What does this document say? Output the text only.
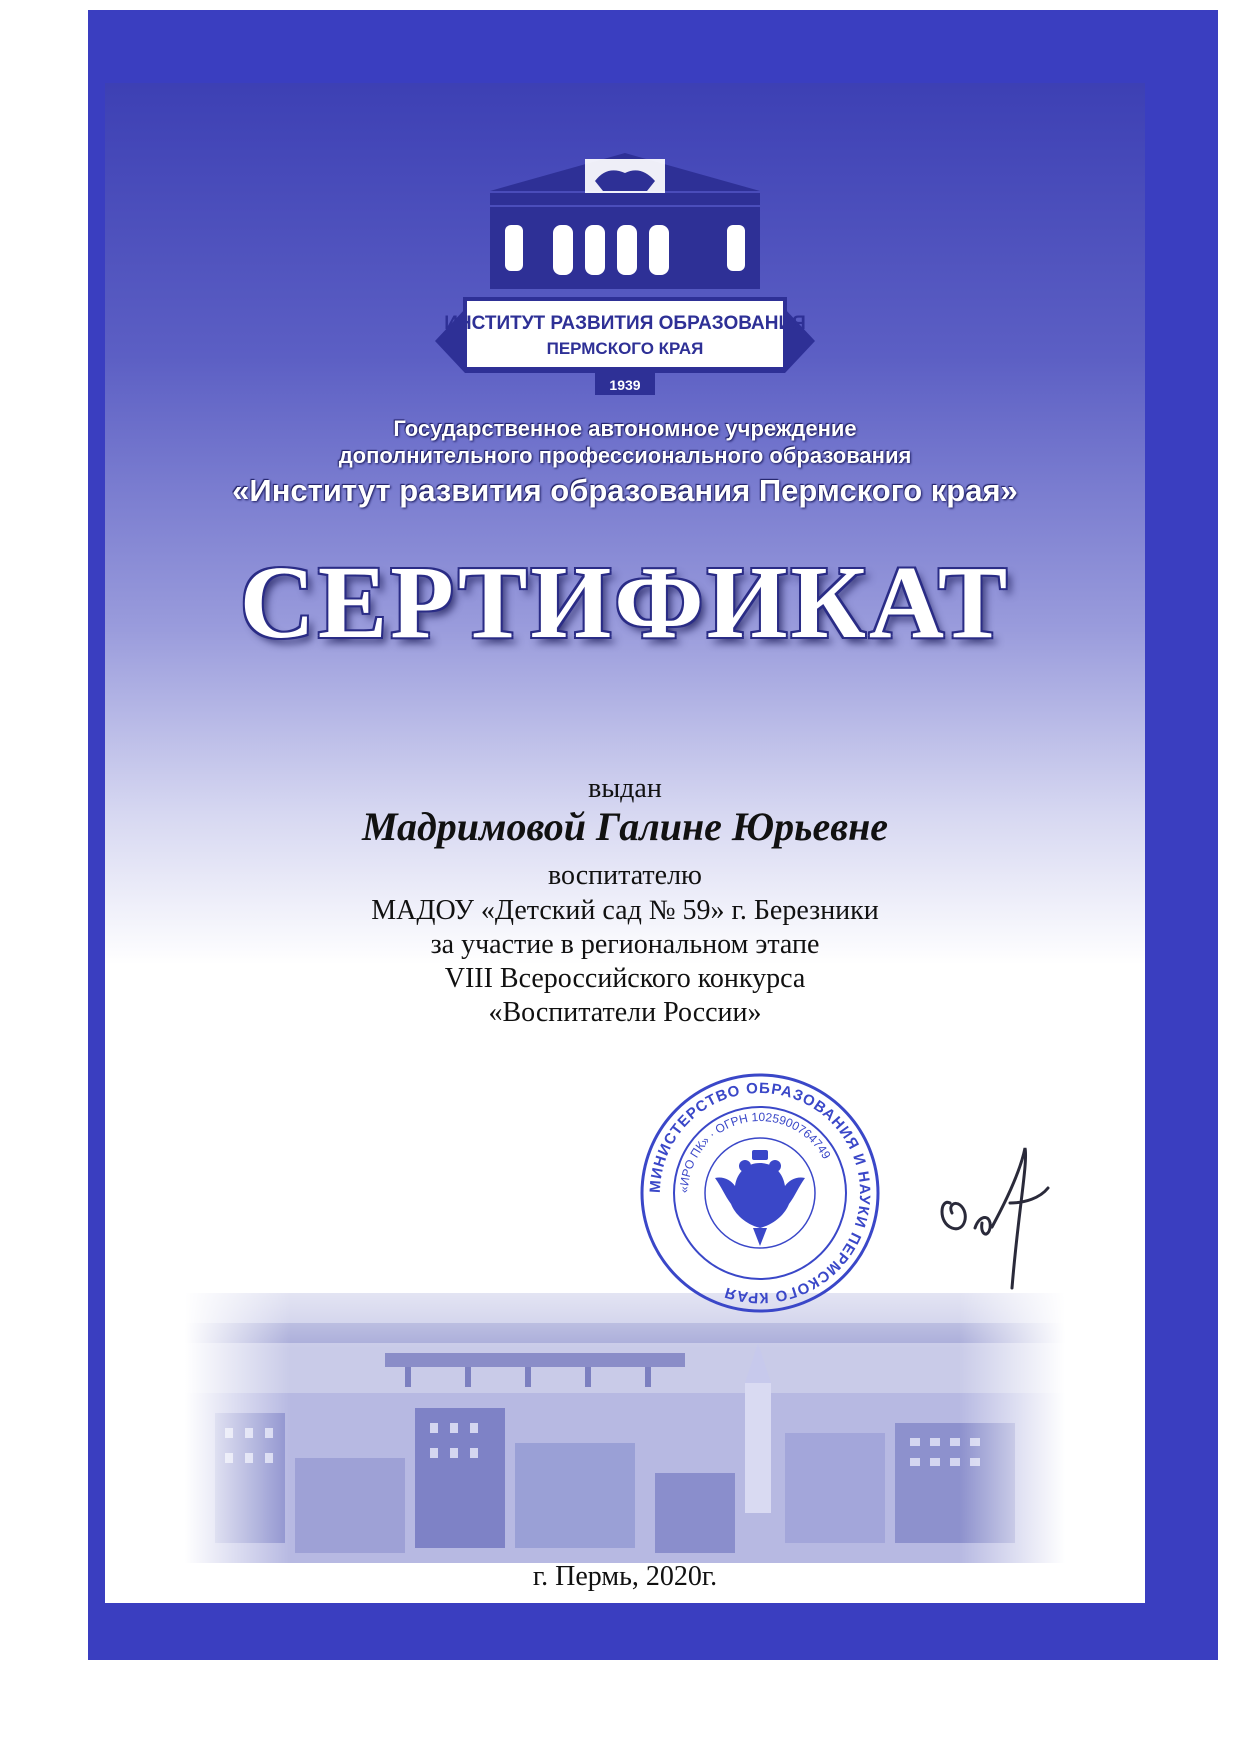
ИНСТИТУТ РАЗВИТИЯ ОБРАЗОВАНИЯ
ПЕРМСКОГО КРАЯ
1939
Государственное автономное учреждение
дополнительного профессионального образования
«Институт развития образования Пермского края»
СЕРТИФИКАТ
выдан
Мадримовой Галине Юрьевне
воспитателю
МАДОУ «Детский сад № 59» г. Березники
за участие в региональном этапе
VIII Всероссийского конкурса
«Воспитатели России»
МИНИСТЕРСТВО ОБРАЗОВАНИЯ И НАУКИ ПЕРМСКОГО КРАЯ
«ИРО ПК» · ОГРН 1025900764749
г. Пермь, 2020г.
